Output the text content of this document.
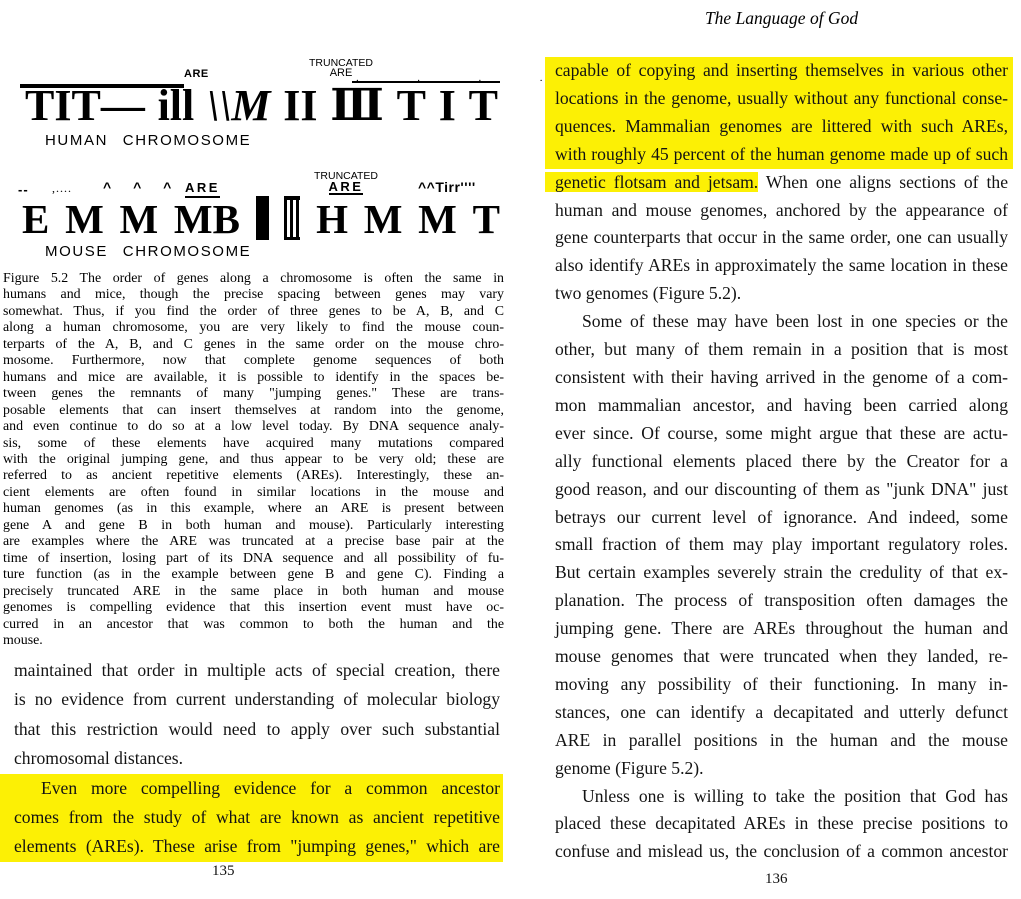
ARE
TRUNCATED
ARE
.
TIT— ill \\M II Ⅲ T I T
HUMAN CHROMOSOME
-- ,.... ^ ^ ^ ARE
TRUNCATED
ARE	^^Tirr''''
E M M MB H M M T
MOUSE CHROMOSOME
Figure 5.2 The order of genes along a chromosome is often the same in
humans and mice, though the precise spacing between genes may vary
somewhat. Thus, if you find the order of three genes to be A, B, and C
along a human chromosome, you are very likely to find the mouse coun-
terparts of the A, B, and C genes in the same order on the mouse chro-
mosome. Furthermore, now that complete genome sequences of both
humans and mice are available, it is possible to identify in the spaces be-
tween genes the remnants of many "jumping genes." These are trans-
posable elements that can insert themselves at random into the genome,
and even continue to do so at a low level today. By DNA sequence analy-
sis, some of these elements have acquired many mutations compared
with the original jumping gene, and thus appear to be very old; these are
referred to as ancient repetitive elements (AREs). Interestingly, these an-
cient elements are often found in similar locations in the mouse and
human genomes (as in this example, where an ARE is present between
gene A and gene B in both human and mouse). Particularly interesting
are examples where the ARE was truncated at a precise base pair at the
time of insertion, losing part of its DNA sequence and all possibility of fu-
ture function (as in the example between gene B and gene C). Finding a
precisely truncated ARE in the same place in both human and mouse
genomes is compelling evidence that this insertion event must have oc-
curred in an ancestor that was common to both the human and the
mouse.
maintained that order in multiple acts of special creation, there
is no evidence from current understanding of molecular biology
that this restriction would need to apply over such substantial
chromosomal distances.
Even more compelling evidence for a common ancestor
comes from the study of what are known as ancient repetitive
elements (AREs). These arise from "jumping genes," which are
135
The Language of God
capable of copying and inserting themselves in various other
locations in the genome, usually without any functional conse-
quences. Mammalian genomes are littered with such AREs,
with roughly 45 percent of the human genome made up of such
genetic flotsam and jetsam. When one aligns sections of the
human and mouse genomes, anchored by the appearance of
gene counterparts that occur in the same order, one can usually
also identify AREs in approximately the same location in these
two genomes (Figure 5.2).
Some of these may have been lost in one species or the
other, but many of them remain in a position that is most
consistent with their having arrived in the genome of a com-
mon mammalian ancestor, and having been carried along
ever since. Of course, some might argue that these are actu-
ally functional elements placed there by the Creator for a
good reason, and our discounting of them as "junk DNA" just
betrays our current level of ignorance. And indeed, some
small fraction of them may play important regulatory roles.
But certain examples severely strain the credulity of that ex-
planation. The process of transposition often damages the
jumping gene. There are AREs throughout the human and
mouse genomes that were truncated when they landed, re-
moving any possibility of their functioning. In many in-
stances, one can identify a decapitated and utterly defunct
ARE in parallel positions in the human and the mouse
genome (Figure 5.2).
Unless one is willing to take the position that God has
placed these decapitated AREs in these precise positions to
confuse and mislead us, the conclusion of a common ancestor
136
